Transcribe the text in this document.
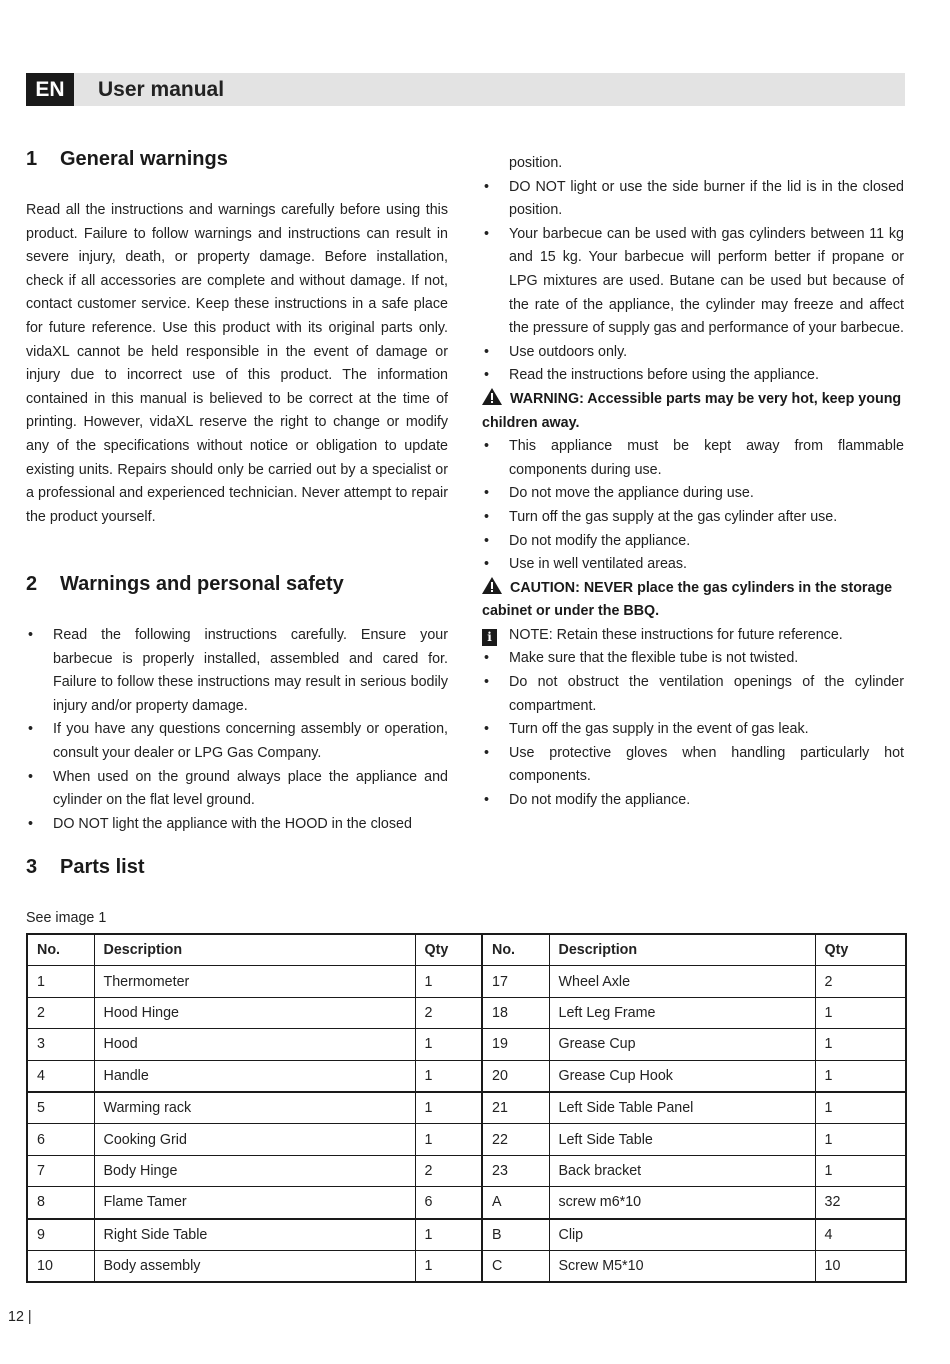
EN	User manual
1 General warnings
Read all the instructions and warnings carefully before using this product. Failure to follow warnings and instructions can result in severe injury, death, or property damage. Before installation, check if all accessories are complete and without damage. If not, contact customer service. Keep these instructions in a safe place for future reference. Use this product with its original parts only. vidaXL cannot be held responsible in the event of damage or injury due to incorrect use of this product. The information contained in this manual is believed to be correct at the time of printing. However, vidaXL reserve the right to change or modify any of the specifications without notice or obligation to update existing units. Repairs should only be carried out by a specialist or a professional and experienced technician. Never attempt to repair the product yourself.
2 Warnings and personal safety
• Read the following instructions carefully. Ensure your barbecue is properly installed, assembled and cared for. Failure to follow these instructions may result in serious bodily injury and/or property damage.
• If you have any questions concerning assembly or operation, consult your dealer or LPG Gas Company.
• When used on the ground always place the appliance and cylinder on the flat level ground.
• DO NOT light the appliance with the HOOD in the closed
position.
• DO NOT light or use the side burner if the lid is in the closed position.
• Your barbecue can be used with gas cylinders between 11 kg and 15 kg. Your barbecue will perform better if propane or LPG mixtures are used. Butane can be used but because of the rate of the appliance, the cylinder may freeze and affect the pressure of supply gas and performance of your barbecue.
• Use outdoors only.
• Read the instructions before using the appliance.
WARNING: Accessible parts may be very hot, keep young children away.
• This appliance must be kept away from flammable components during use.
• Do not move the appliance during use.
• Turn off the gas supply at the gas cylinder after use.
• Do not modify the appliance.
• Use in well ventilated areas.
CAUTION: NEVER place the gas cylinders in the storage cabinet or under the BBQ.
i NOTE: Retain these instructions for future reference.
• Make sure that the flexible tube is not twisted.
• Do not obstruct the ventilation openings of the cylinder compartment.
• Turn off the gas supply in the event of gas leak.
• Use protective gloves when handling particularly hot components.
• Do not modify the appliance.
3 Parts list
See image 1
No.	Description	Qty	No.	Description	Qty
1	Thermometer	1	17	Wheel Axle	2
2	Hood Hinge	2	18	Left Leg Frame	1
3	Hood	1	19	Grease Cup	1
4	Handle	1	20	Grease Cup Hook	1
5	Warming rack	1	21	Left Side Table Panel	1
6	Cooking Grid	1	22	Left Side Table	1
7	Body Hinge	2	23	Back bracket	1
8	Flame Tamer	6	A	screw m6*10	32
9	Right Side Table	1	B	Clip	4
10	Body assembly	1	C	Screw M5*10	10
12 |
